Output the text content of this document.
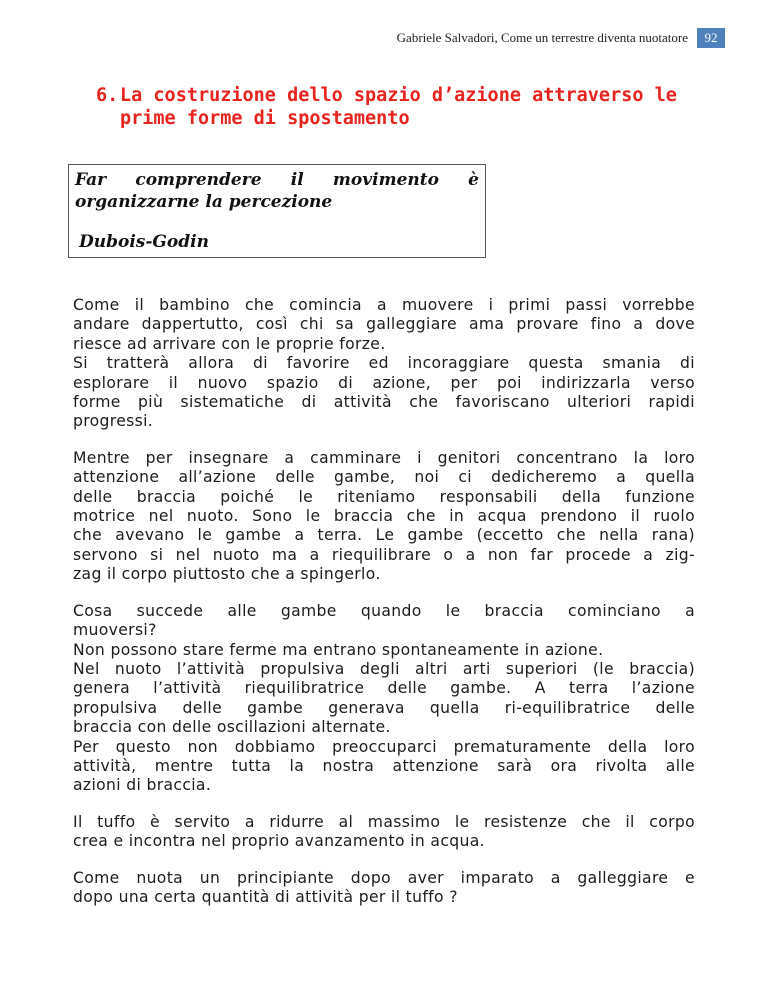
Gabriele Salvadori, Come un terrestre diventa nuotatore	92
6.La costruzione dello spazio d’azione attraverso le
prime forme di spostamento
Far comprendere il movimento è
organizzarne la percezione
Dubois-Godin
Come il bambino che comincia a muovere i primi passi vorrebbe
andare dappertutto, così chi sa galleggiare ama provare fino a dove
riesce ad arrivare con le proprie forze.
Si tratterà allora di favorire ed incoraggiare questa smania di
esplorare il nuovo spazio di azione, per poi indirizzarla verso
forme più sistematiche di attività che favoriscano ulteriori rapidi
progressi.
Mentre per insegnare a camminare i genitori concentrano la loro
attenzione all’azione delle gambe, noi ci dedicheremo a quella
delle braccia poiché le riteniamo responsabili della funzione
motrice nel nuoto. Sono le braccia che in acqua prendono il ruolo
che avevano le gambe a terra. Le gambe (eccetto che nella rana)
servono si nel nuoto ma a riequilibrare o a non far procede a zig-
zag il corpo piuttosto che a spingerlo.
Cosa succede alle gambe quando le braccia cominciano a
muoversi?
Non possono stare ferme ma entrano spontaneamente in azione.
Nel nuoto l’attività propulsiva degli altri arti superiori (le braccia)
genera l’attività riequilibratrice delle gambe. A terra l’azione
propulsiva delle gambe generava quella ri-equilibratrice delle
braccia con delle oscillazioni alternate.
Per questo non dobbiamo preoccuparci prematuramente della loro
attività, mentre tutta la nostra attenzione sarà ora rivolta alle
azioni di braccia.
Il tuffo è servito a ridurre al massimo le resistenze che il corpo
crea e incontra nel proprio avanzamento in acqua.
Come nuota un principiante dopo aver imparato a galleggiare e
dopo una certa quantità di attività per il tuffo ?
